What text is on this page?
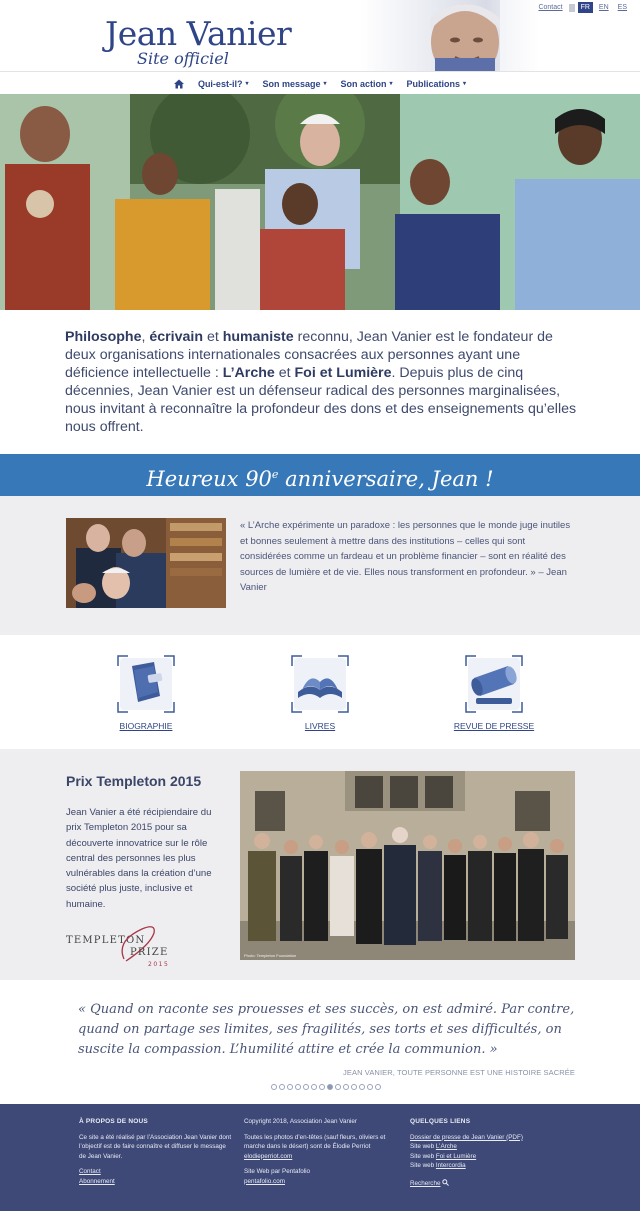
Jean Vanier
Site officiel
Contact	FR	EN	ES
Qui-est-il? ▾ Son message ▾ Son action ▾ Publications ▾
Philosophe, écrivain et humaniste reconnu, Jean Vanier est le fondateur de deux organisations internationales consacrées aux personnes ayant une déficience intellectuelle : L’Arche et Foi et Lumière. Depuis plus de cinq décennies, Jean Vanier est un défenseur radical des personnes marginalisées, nous invitant à reconnaître la profondeur des dons et des enseignements qu’elles nous offrent.
Heureux 90e anniversaire, Jean !
« L’Arche expérimente un paradoxe : les personnes que le monde juge inutiles et bonnes seulement à mettre dans des institutions – celles qui sont considérées comme un fardeau et un problème financier – sont en réalité des sources de lumière et de vie. Elles nous transforment en profondeur. » – Jean Vanier
BIOGRAPHIE	LIVRES	REVUE DE PRESSE
Prix Templeton 2015
Jean Vanier a été récipiendaire du prix Templeton 2015 pour sa découverte innovatrice sur le rôle central des personnes les plus vulnérables dans la création d’une société plus juste, inclusive et humaine.
TEMPLETON
PRIZE
2015
Photo: Templeton Foundation
« Quand on raconte ses prouesses et ses succès, on est admiré. Par contre, quand on partage ses limites, ses fragilités, ses torts et ses difficultés, on suscite la compassion. L’humilité attire et crée la communion. »
JEAN VANIER, TOUTE PERSONNE EST UNE HISTOIRE SACRÉE
À PROPOS DE NOUS

Ce site a été réalisé par l’Association Jean Vanier dont l’objectif est de faire connaître et diffuser le message de Jean Vanier.

Contact
Abonnement

Copyright 2018, Association Jean Vanier

Toutes les photos d’en-têtes (sauf fleurs, oliviers et marche dans le désert) sont de Élodie Perriot

elodieperriot.com

Site Web par Pentafolio
pentafolio.com
QUELQUES LIENS
Dossier de presse de Jean Vanier (PDF)
Site web L’Arche
Site web Foi et Lumière

Site web Intercordia

Recherche
